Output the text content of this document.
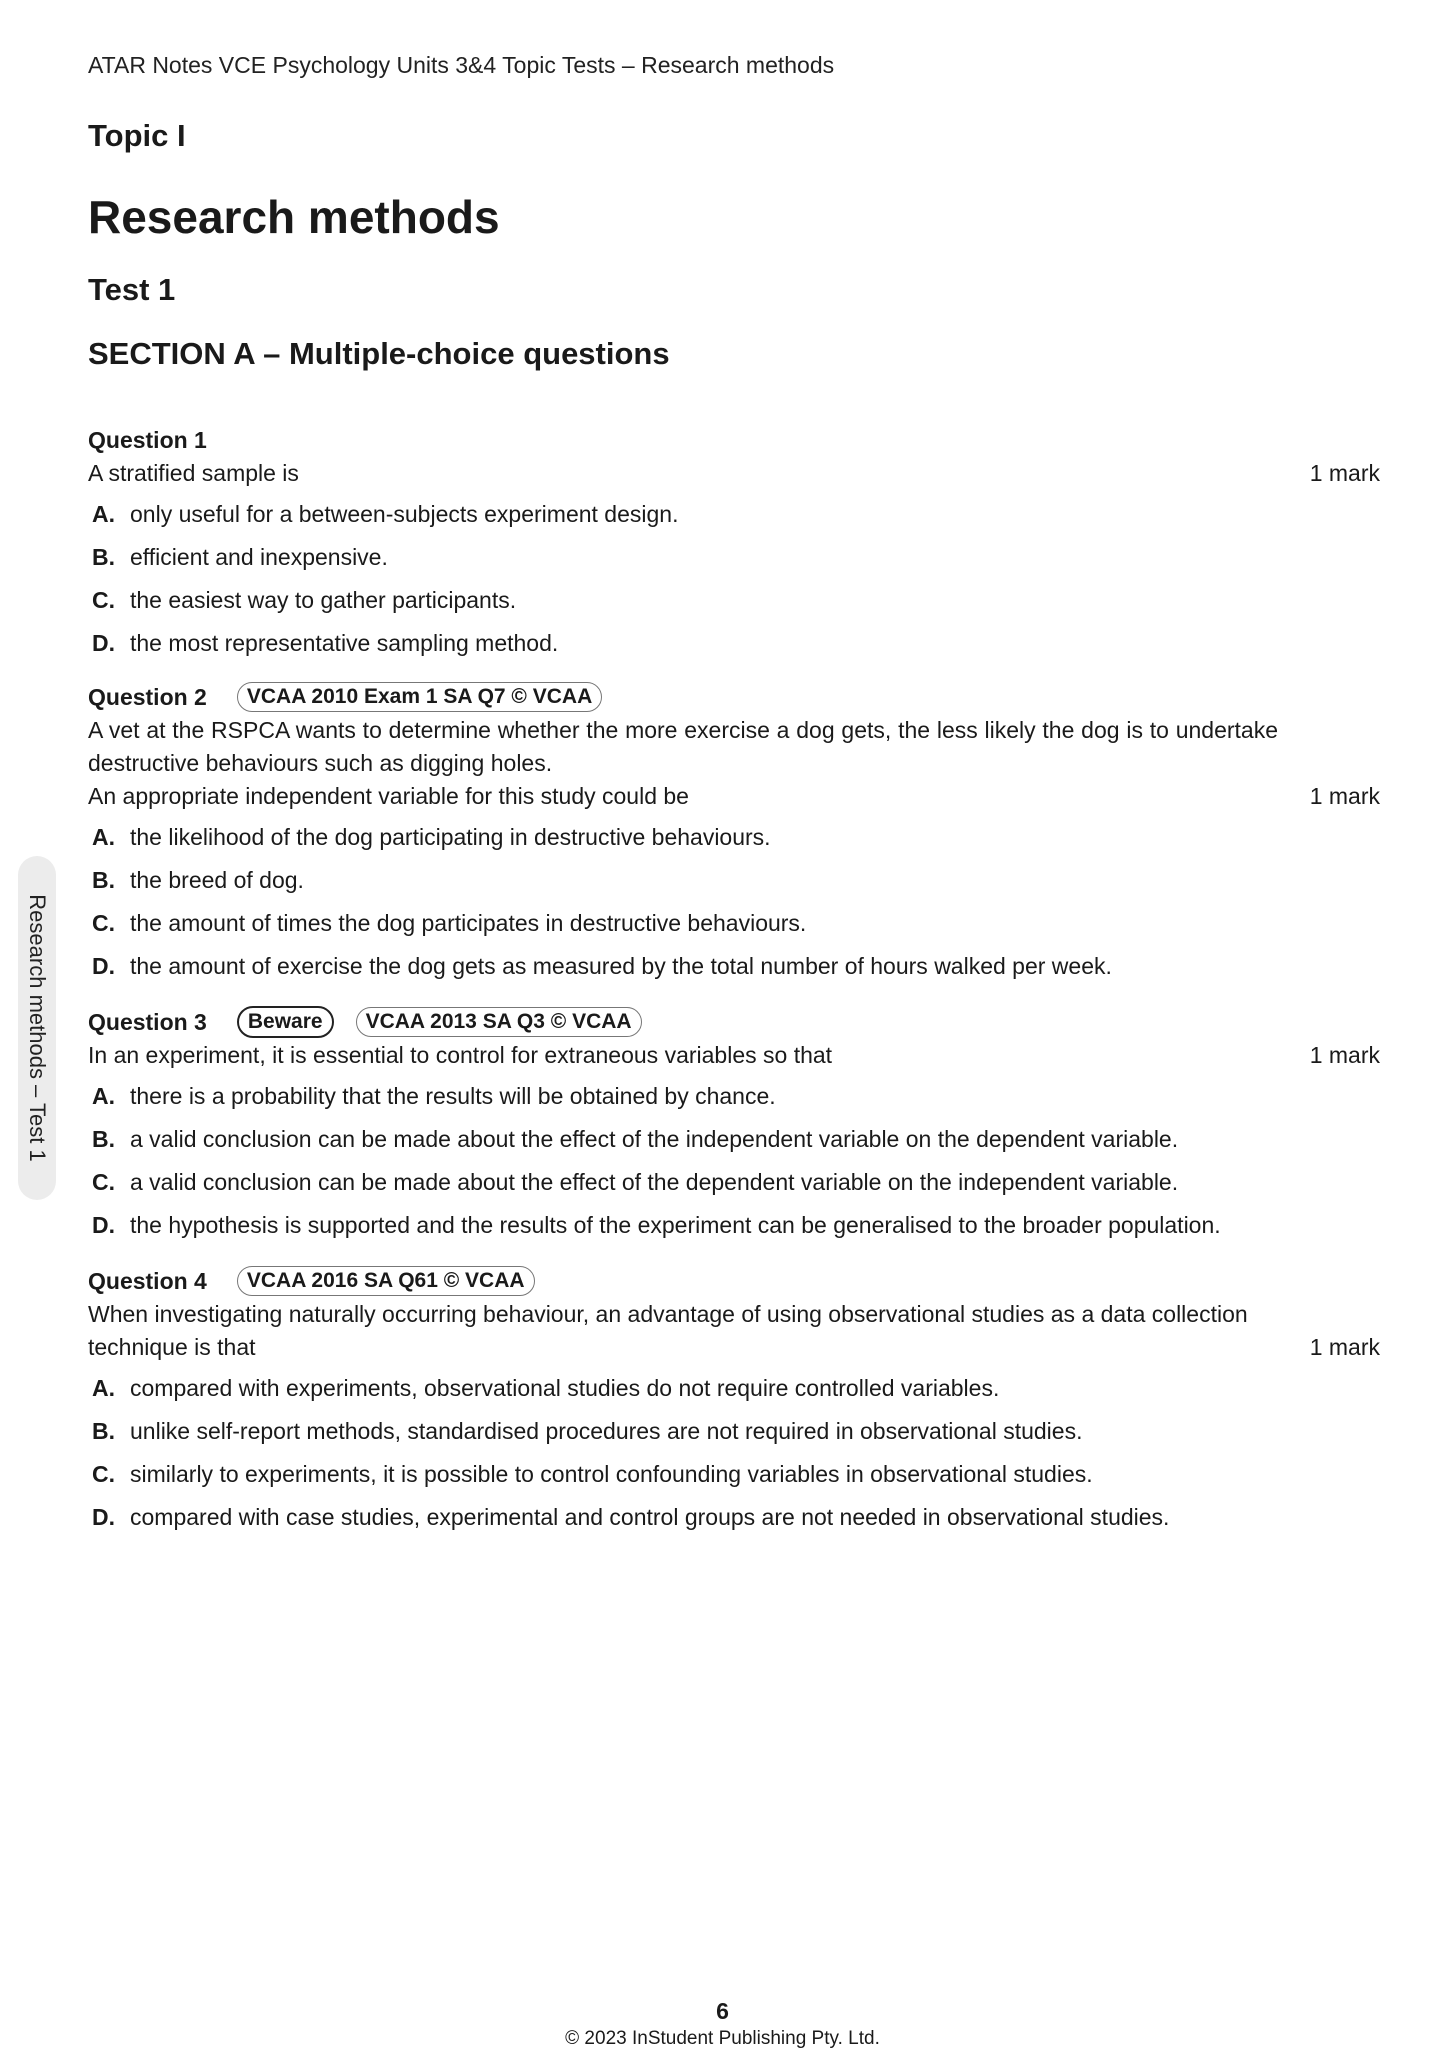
ATAR Notes VCE Psychology Units 3&4 Topic Tests – Research methods
Topic I
Research methods
Test 1
SECTION A – Multiple-choice questions
Question 1
A stratified sample is	1 mark
A. only useful for a between-subjects experiment design.
B. efficient and inexpensive.
C. the easiest way to gather participants.
D. the most representative sampling method.
Question 2	VCAA 2010 Exam 1 SA Q7 © VCAA
A vet at the RSPCA wants to determine whether the more exercise a dog gets, the less likely the dog is to undertake destructive behaviours such as digging holes.
An appropriate independent variable for this study could be	1 mark
A. the likelihood of the dog participating in destructive behaviours.
B. the breed of dog.
C. the amount of times the dog participates in destructive behaviours.
D. the amount of exercise the dog gets as measured by the total number of hours walked per week.
Question 3	Beware	VCAA 2013 SA Q3 © VCAA
In an experiment, it is essential to control for extraneous variables so that	1 mark
A. there is a probability that the results will be obtained by chance.
B. a valid conclusion can be made about the effect of the independent variable on the dependent variable.
C. a valid conclusion can be made about the effect of the dependent variable on the independent variable.
D. the hypothesis is supported and the results of the experiment can be generalised to the broader population.
Question 4	VCAA 2016 SA Q61 © VCAA
When investigating naturally occurring behaviour, an advantage of using observational studies as a data collection technique is that	1 mark
A. compared with experiments, observational studies do not require controlled variables.
B. unlike self-report methods, standardised procedures are not required in observational studies.
C. similarly to experiments, it is possible to control confounding variables in observational studies.
D. compared with case studies, experimental and control groups are not needed in observational studies.
Research methods – Test 1
6
© 2023 InStudent Publishing Pty. Ltd.
